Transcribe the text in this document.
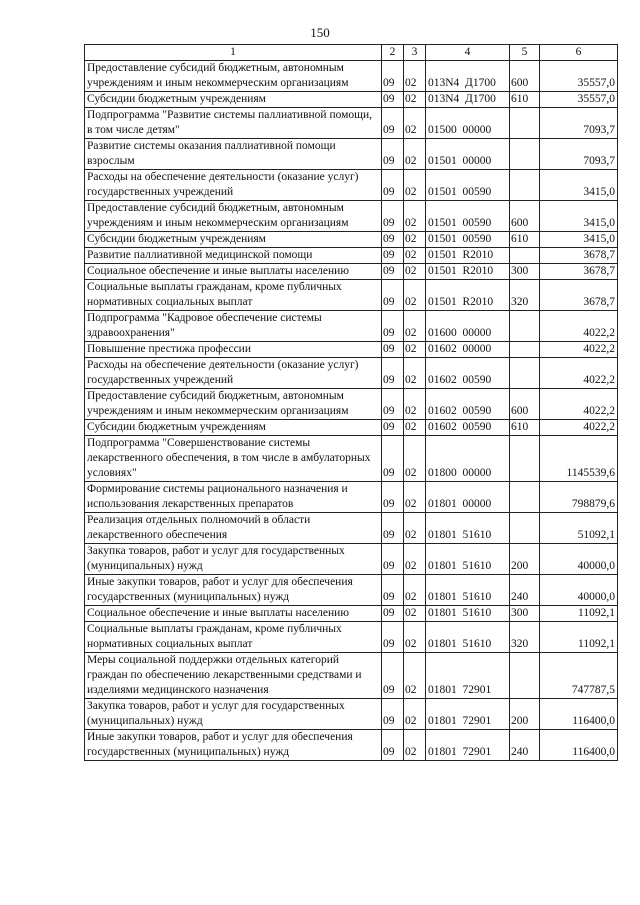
150
1	2	3	4	5	6
Предоставление субсидий бюджетным, автономным учреждениям и иным некоммерческим организациям	09	02	013N4  Д1700	600	35557,0
Субсидии бюджетным учреждениям	09	02	013N4  Д1700	610	35557,0
Подпрограмма "Развитие системы паллиативной помощи, в том числе детям"	09	02	01500  00000		7093,7
Развитие системы оказания паллиативной помощи взрослым	09	02	01501  00000		7093,7
Расходы на обеспечение деятельности (оказание услуг) государственных учреждений	09	02	01501  00590		3415,0
Предоставление субсидий бюджетным, автономным учреждениям и иным некоммерческим организациям	09	02	01501  00590	600	3415,0
Субсидии бюджетным учреждениям	09	02	01501  00590	610	3415,0
Развитие паллиативной медицинской помощи	09	02	01501  R2010		3678,7
Социальное обеспечение и иные выплаты населению	09	02	01501  R2010	300	3678,7
Социальные выплаты гражданам, кроме публичных нормативных социальных выплат	09	02	01501  R2010	320	3678,7
Подпрограмма "Кадровое обеспечение системы здравоохранения"	09	02	01600  00000		4022,2
Повышение престижа профессии	09	02	01602  00000		4022,2
Расходы на обеспечение деятельности (оказание услуг) государственных учреждений	09	02	01602  00590		4022,2
Предоставление субсидий бюджетным, автономным учреждениям и иным некоммерческим организациям	09	02	01602  00590	600	4022,2
Субсидии бюджетным учреждениям	09	02	01602  00590	610	4022,2
Подпрограмма "Совершенствование системы лекарственного обеспечения, в том числе в амбулаторных условиях"	09	02	01800  00000		1145539,6
Формирование системы рационального назначения и использования лекарственных препаратов	09	02	01801  00000		798879,6
Реализация отдельных полномочий в области лекарственного обеспечения	09	02	01801  51610		51092,1
Закупка товаров, работ и услуг для государственных (муниципальных) нужд	09	02	01801  51610	200	40000,0
Иные закупки товаров, работ и услуг для обеспечения государственных (муниципальных) нужд	09	02	01801  51610	240	40000,0
Социальное обеспечение и иные выплаты населению	09	02	01801  51610	300	11092,1
Социальные выплаты гражданам, кроме публичных нормативных социальных выплат	09	02	01801  51610	320	11092,1
Меры социальной поддержки отдельных категорий граждан по обеспечению лекарственными средствами и изделиями медицинского назначения	09	02	01801  72901		747787,5
Закупка товаров, работ и услуг для государственных (муниципальных) нужд	09	02	01801  72901	200	116400,0
Иные закупки товаров, работ и услуг для обеспечения государственных (муниципальных) нужд	09	02	01801  72901	240	116400,0
